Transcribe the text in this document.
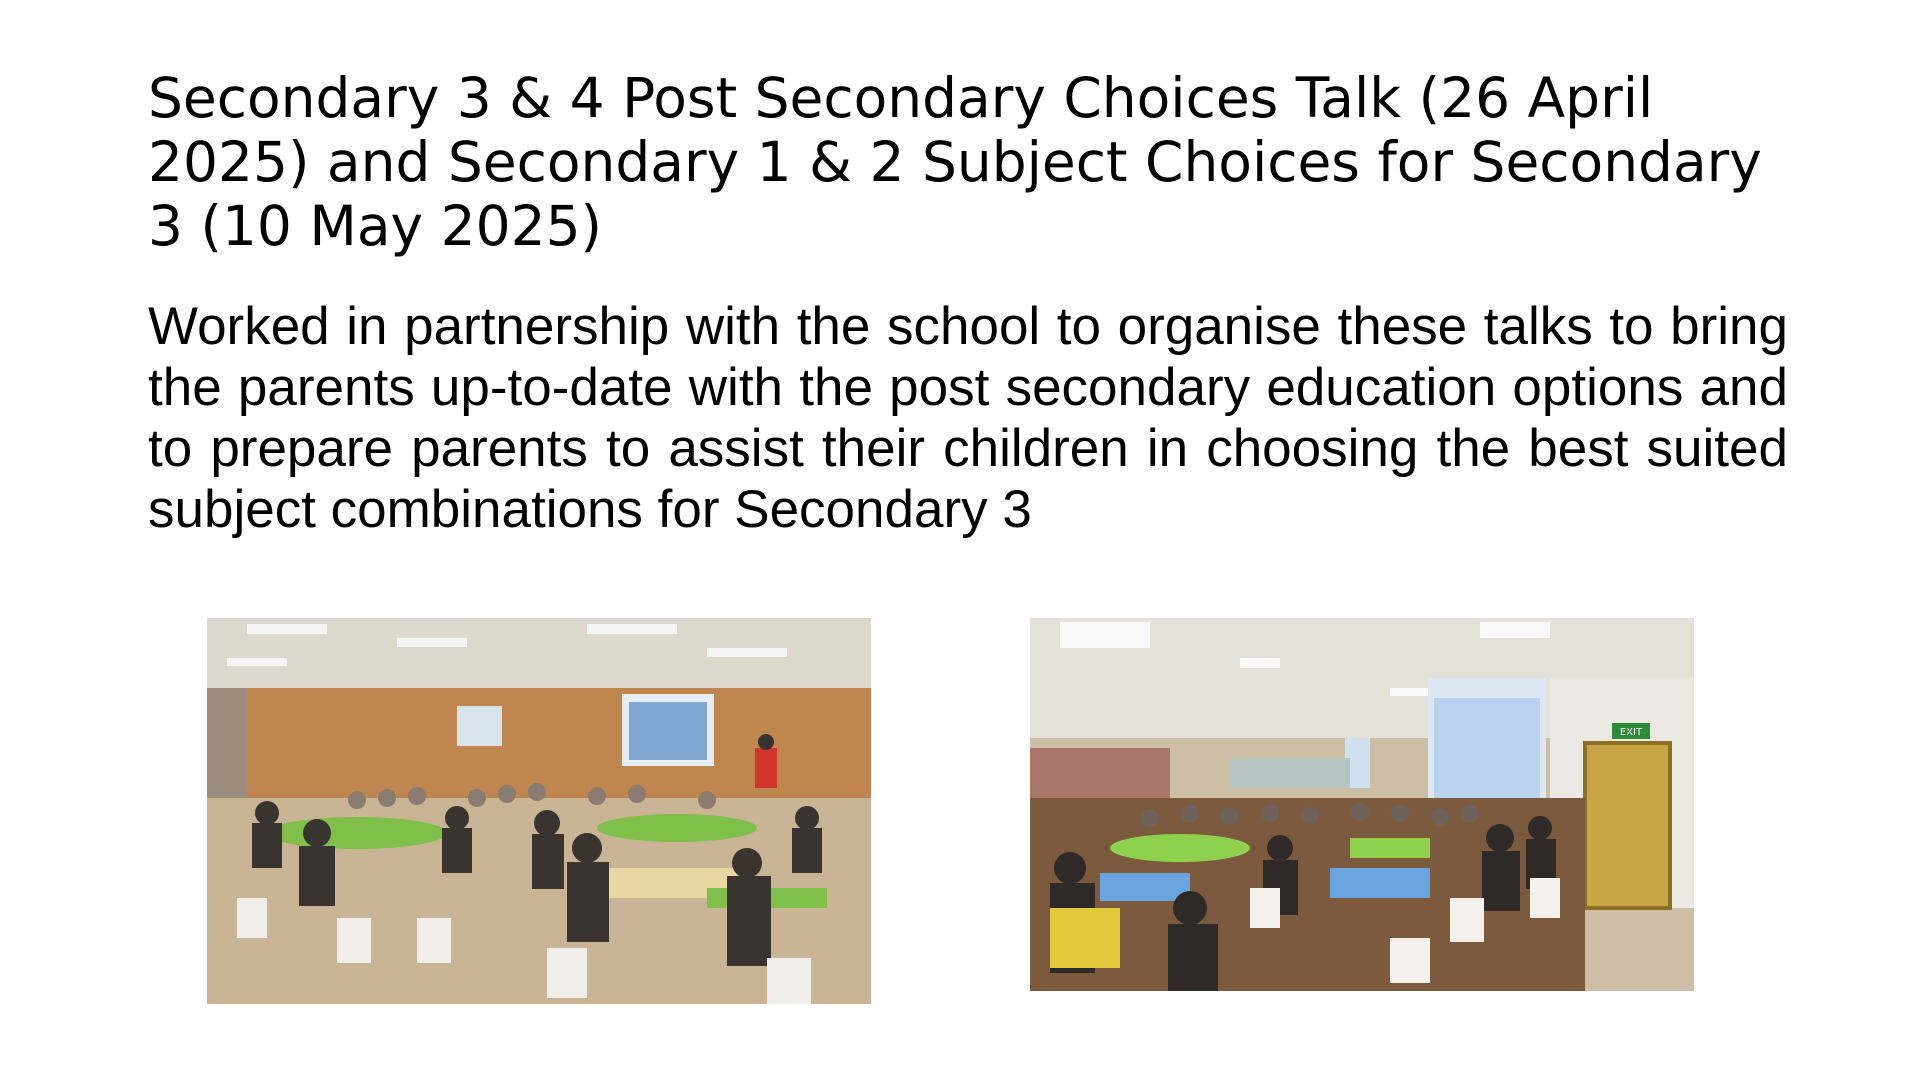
Secondary 3 & 4 Post Secondary Choices Talk (26 April 2025) and Secondary 1 & 2 Subject Choices for Secondary 3 (10 May 2025)

Worked in partnership with the school to organise these talks to bring the parents up-to-date with the post secondary education options and to prepare parents to assist their children in choosing the best suited subject combinations for Secondary 3

EXIT
